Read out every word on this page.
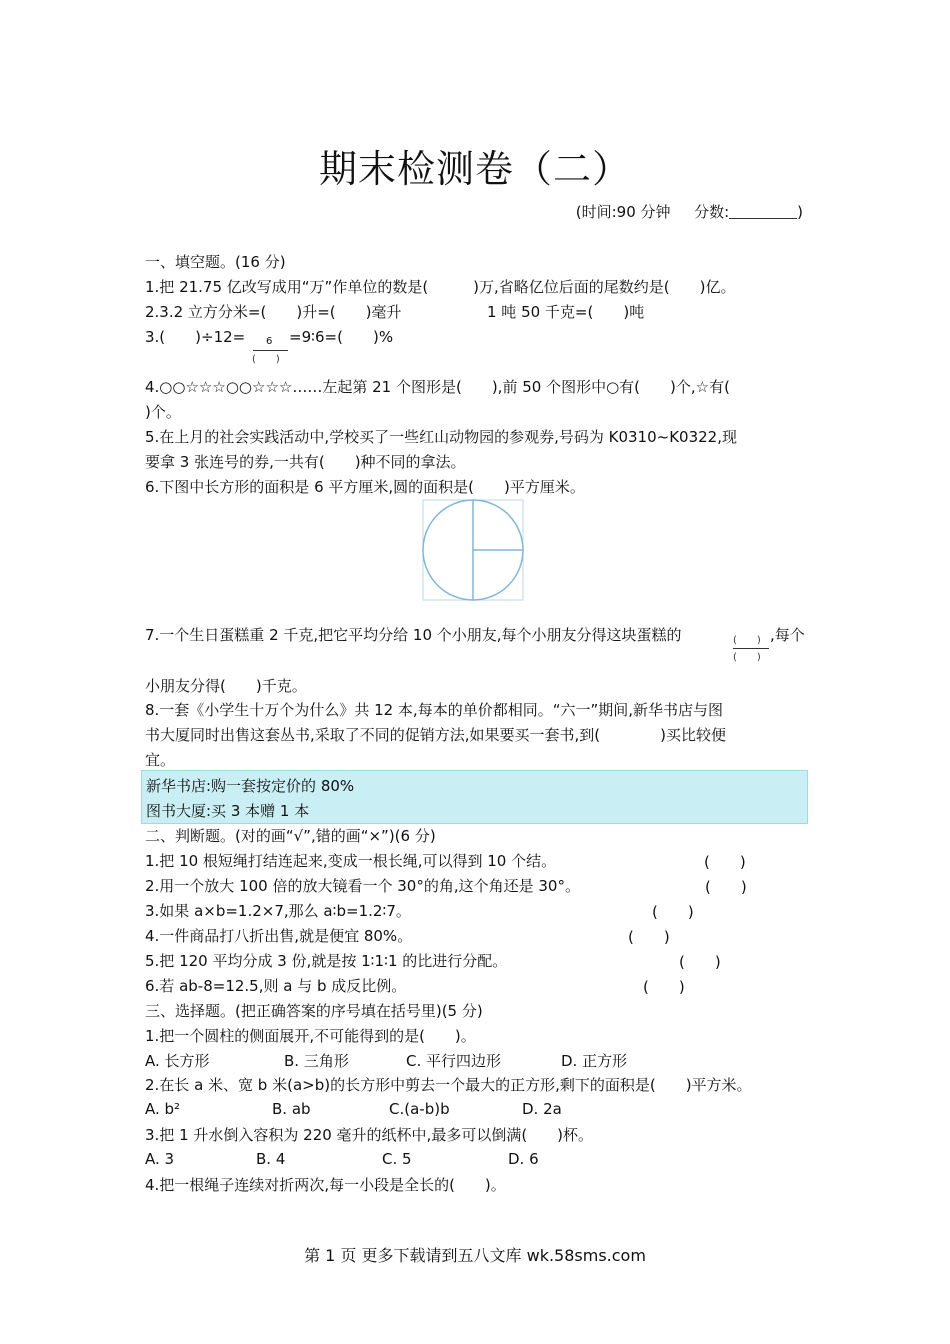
期末检测卷（二）
(时间:90 分钟 分数:	)
一、填空题。(16 分)
1.把 21.75 亿改写成用“万”作单位的数是(　　　)万,省略亿位后面的尾数约是(　　)亿。
2.3.2 立方分米=(　　)升=(　　)毫升	1 吨 50 千克=(　　)吨
3.(　　)÷12= 6
(　　)
=9∶6=(　　)%
4.○○☆☆☆○○☆☆☆……左起第 21 个图形是(　　),前 50 个图形中○有(　　)个,☆有(
)个。
5.在上月的社会实践活动中,学校买了一些红山动物园的参观券,号码为 K0310~K0322,现
要拿 3 张连号的券,一共有(　　)种不同的拿法。
6.下图中长方形的面积是 6 平方厘米,圆的面积是(　　)平方厘米。
7.一个生日蛋糕重 2 千克,把它平均分给 10 个小朋友,每个小朋友分得这块蛋糕的	(　　)
(　　)
,每个
小朋友分得(　　)千克。
8.一套《小学生十万个为什么》共 12 本,每本的单价都相同。“六一”期间,新华书店与图
书大厦同时出售这套丛书,采取了不同的促销方法,如果要买一套书,到(　　　　)买比较便
宜。
新华书店:购一套按定价的 80%
图书大厦:买 3 本赠 1 本
二、判断题。(对的画“√”,错的画“×”)(6 分)
1.把 10 根短绳打结连起来,变成一根长绳,可以得到 10 个结。	(　　)
2.用一个放大 100 倍的放大镜看一个 30°的角,这个角还是 30°。	(　　)
3.如果 a×b=1.2×7,那么 a∶b=1.2∶7。	(　　)
4.一件商品打八折出售,就是便宜 80%。	(　　)
5.把 120 平均分成 3 份,就是按 1∶1∶1 的比进行分配。	(　　)
6.若 ab-8=12.5,则 a 与 b 成反比例。	(　　)
三、选择题。(把正确答案的序号填在括号里)(5 分)
1.把一个圆柱的侧面展开,不可能得到的是(　　)。
A. 长方形	B. 三角形	C. 平行四边形	D. 正方形
2.在长 a 米、宽 b 米(a>b)的长方形中剪去一个最大的正方形,剩下的面积是(　　)平方米。
A. b²	B. ab	C.(a-b)b	D. 2a
3.把 1 升水倒入容积为 220 毫升的纸杯中,最多可以倒满(　　)杯。
A. 3	B. 4	C. 5	D. 6
4.把一根绳子连续对折两次,每一小段是全长的(　　)。
第 1 页 更多下载请到五八文库 wk.58sms.com
